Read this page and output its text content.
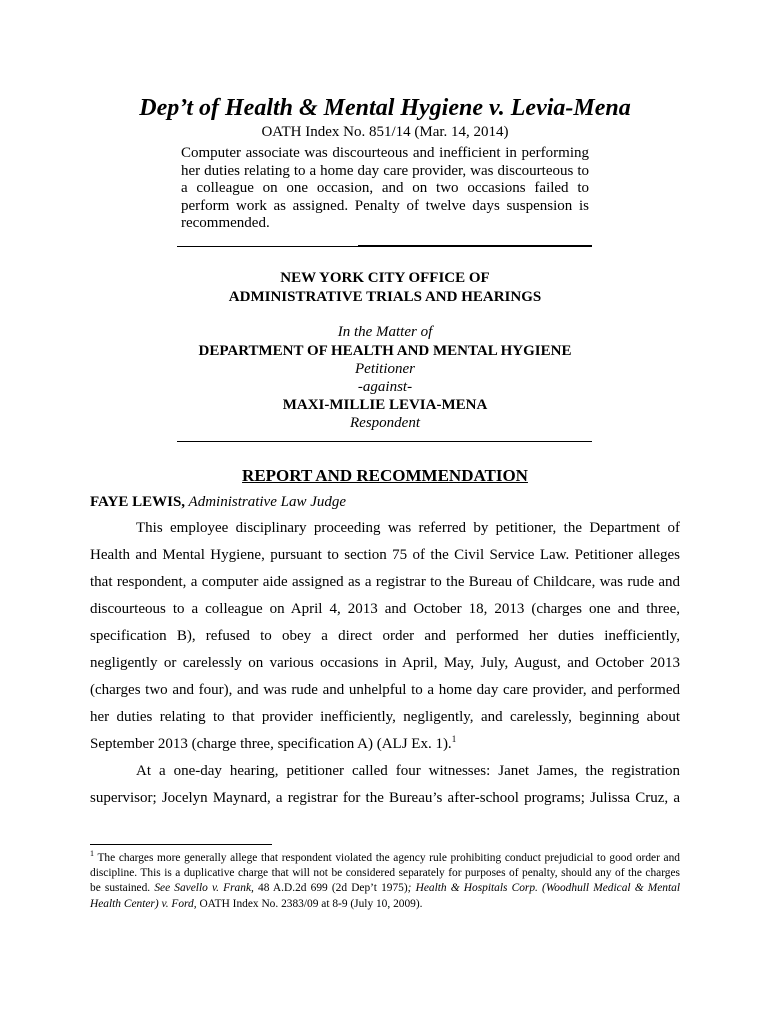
Dep’t of Health & Mental Hygiene v. Levia-Mena
OATH Index No. 851/14 (Mar. 14, 2014)
Computer associate was discourteous and inefficient in performing her duties relating to a home day care provider, was discourteous to a colleague on one occasion, and on two occasions failed to perform work as assigned. Penalty of twelve days suspension is recommended.
NEW YORK CITY OFFICE OF
ADMINISTRATIVE TRIALS AND HEARINGS
In the Matter of
DEPARTMENT OF HEALTH AND MENTAL HYGIENE
Petitioner
-against-
MAXI-MILLIE LEVIA-MENA
Respondent
REPORT AND RECOMMENDATION
FAYE LEWIS, Administrative Law Judge
This employee disciplinary proceeding was referred by petitioner, the Department of
Health and Mental Hygiene, pursuant to section 75 of the Civil Service Law. Petitioner alleges
that respondent, a computer aide assigned as a registrar to the Bureau of Childcare, was rude and
discourteous to a colleague on April 4, 2013 and October 18, 2013 (charges one and three,
specification B), refused to obey a direct order and performed her duties inefficiently,
negligently or carelessly on various occasions in April, May, July, August, and October 2013
(charges two and four), and was rude and unhelpful to a home day care provider, and performed
her duties relating to that provider inefficiently, negligently, and carelessly, beginning about
September 2013 (charge three, specification A) (ALJ Ex. 1).$^1$
At a one-day hearing, petitioner called four witnesses: Janet James, the registration
supervisor; Jocelyn Maynard, a registrar for the Bureau’s after-school programs; Julissa Cruz, a
$^1$ The charges more generally allege that respondent violated the agency rule prohibiting conduct prejudicial to good order and discipline. This is a duplicative charge that will not be considered separately for purposes of penalty, should any of the charges be sustained. See Savello v. Frank, 48 A.D.2d 699 (2d Dep’t 1975); Health & Hospitals Corp. (Woodhull Medical & Mental Health Center) v. Ford, OATH Index No. 2383/09 at 8-9 (July 10, 2009).
